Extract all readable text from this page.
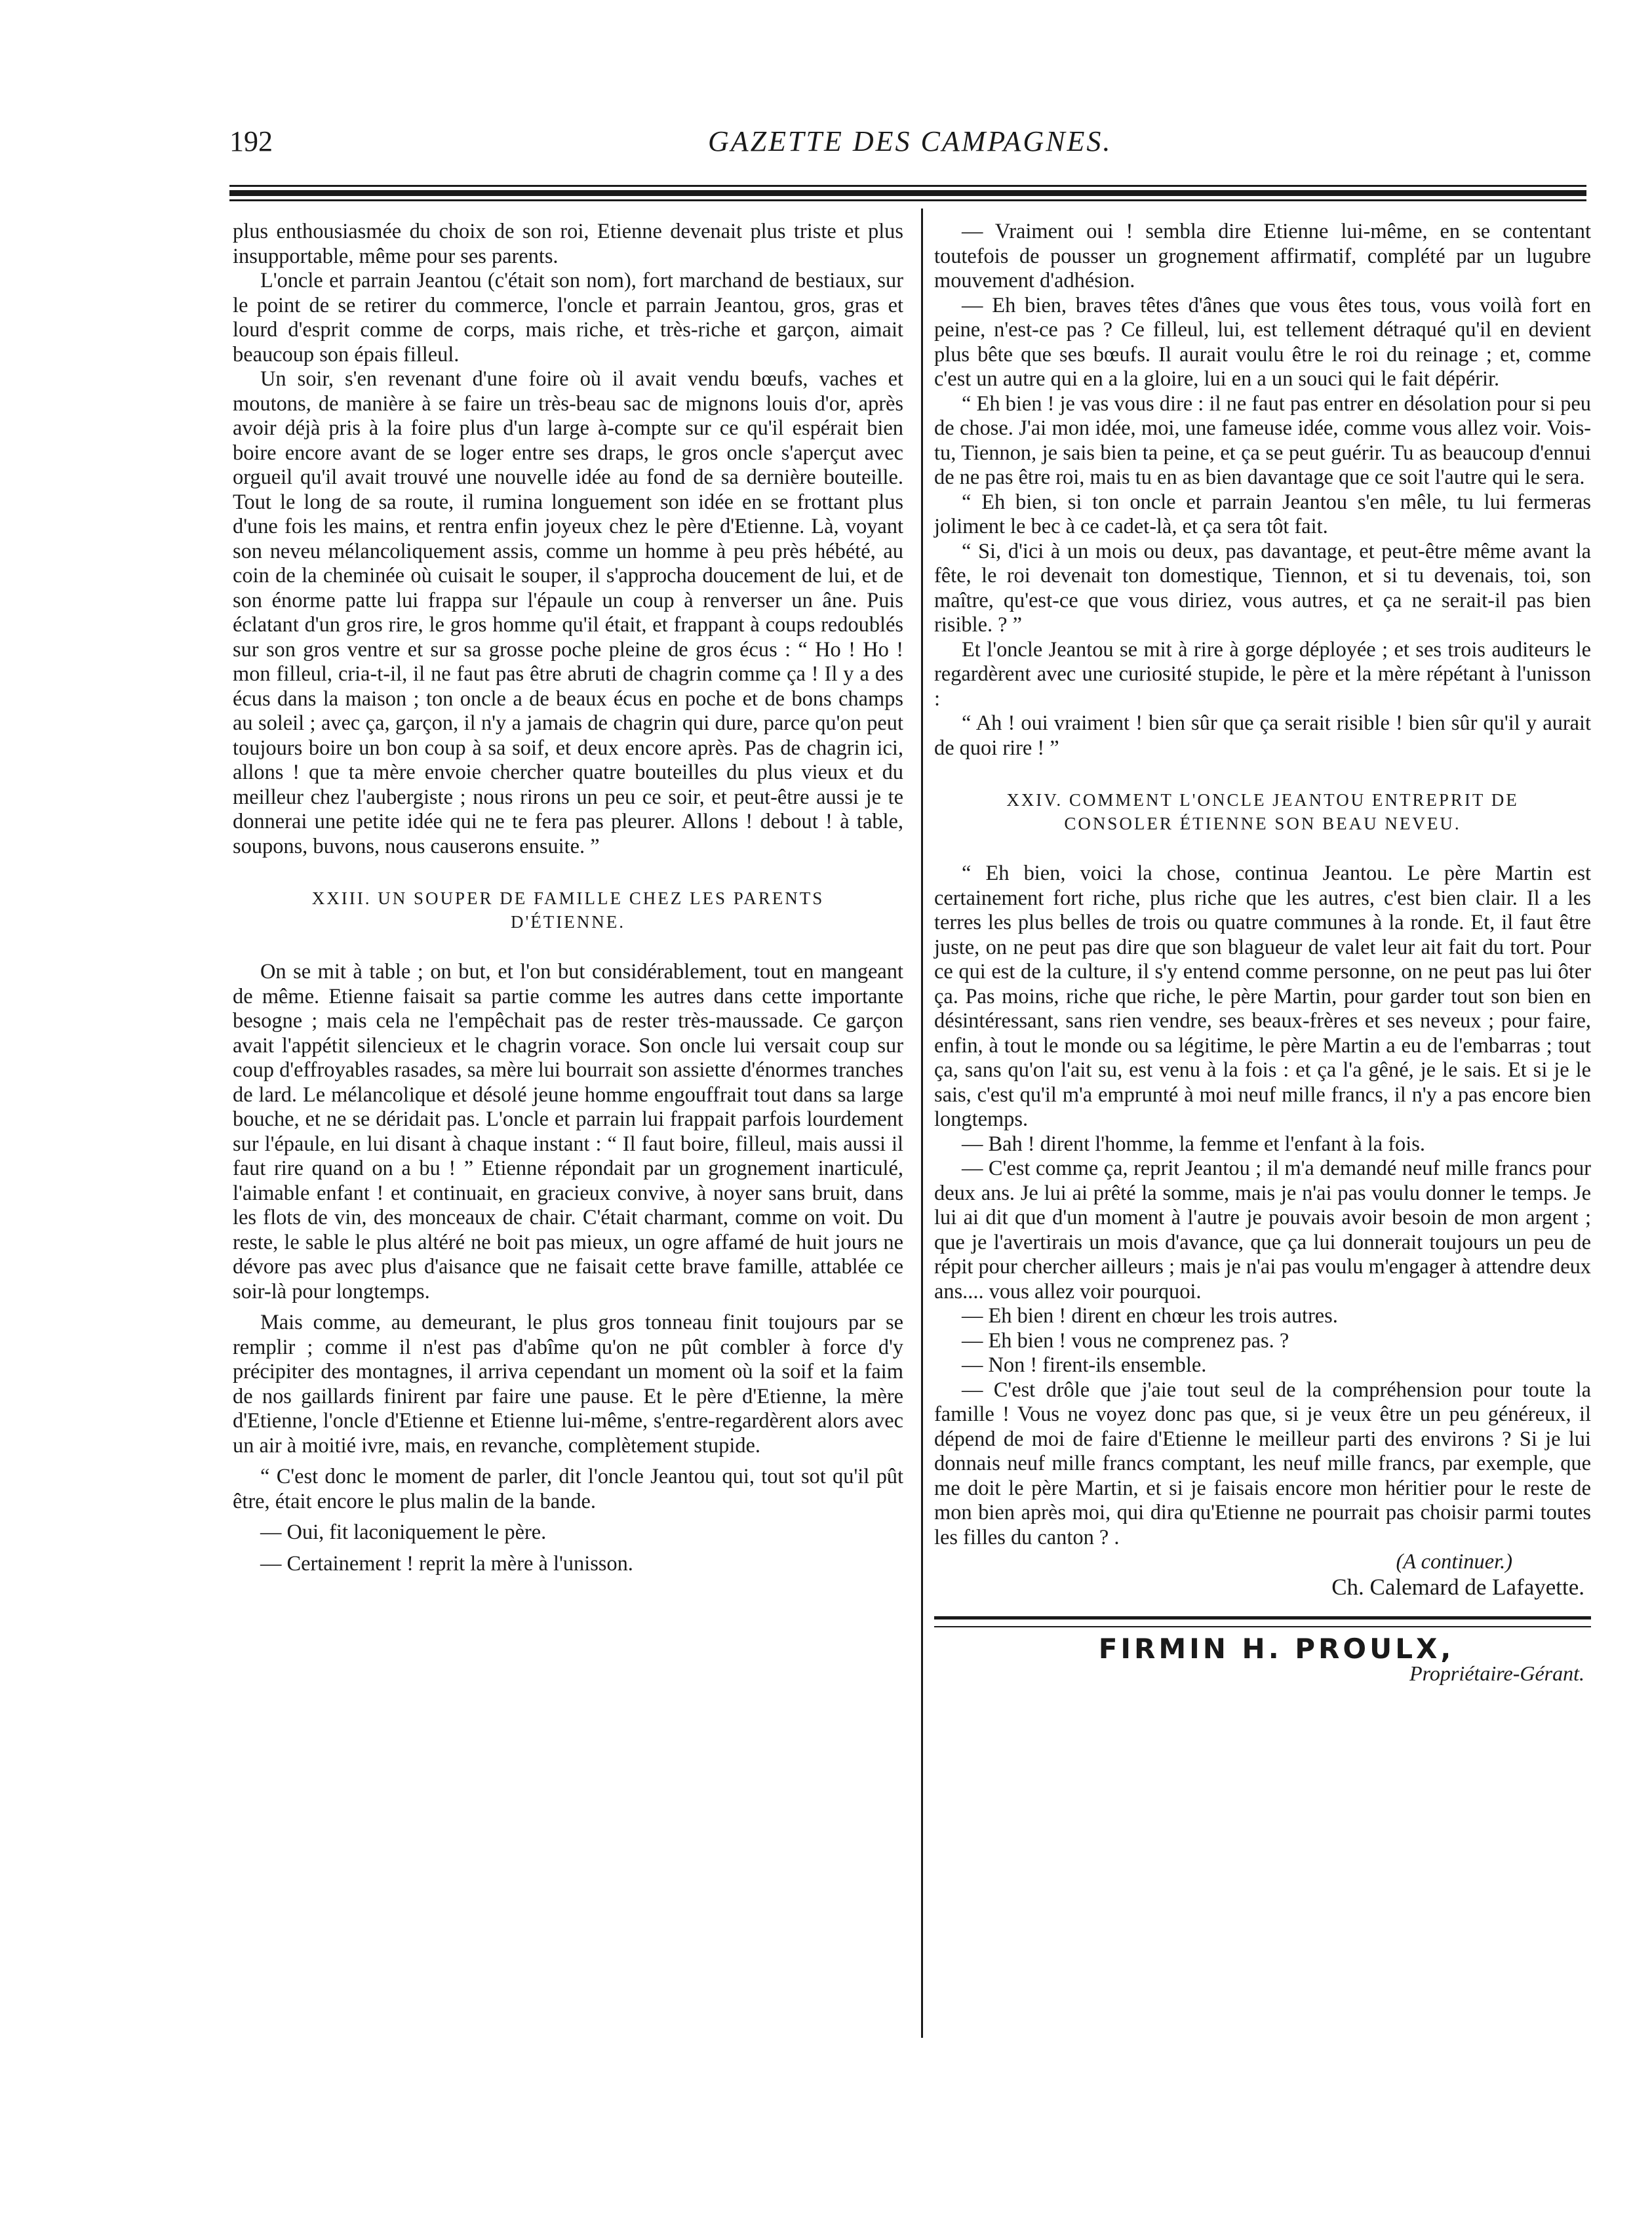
192	GAZETTE DES CAMPAGNES.

plus enthousiasmée du choix de son roi, Etienne devenait plus triste et plus insupportable, même pour ses parents.

L'oncle et parrain Jeantou (c'était son nom), fort marchand de bestiaux, sur le point de se retirer du commerce, l'oncle et parrain Jeantou, gros, gras et lourd d'esprit comme de corps, mais riche, et très-riche et garçon, aimait beaucoup son épais filleul.

Un soir, s'en revenant d'une foire où il avait vendu bœufs, vaches et moutons, de manière à se faire un très-beau sac de mignons louis d'or, après avoir déjà pris à la foire plus d'un large à-compte sur ce qu'il espérait bien boire encore avant de se loger entre ses draps, le gros oncle s'aperçut avec orgueil qu'il avait trouvé une nouvelle idée au fond de sa dernière bouteille. Tout le long de sa route, il rumina longuement son idée en se frottant plus d'une fois les mains, et rentra enfin joyeux chez le père d'Etienne. Là, voyant son neveu mélancoliquement assis, comme un homme à peu près hébété, au coin de la cheminée où cuisait le souper, il s'approcha doucement de lui, et de son énorme patte lui frappa sur l'épaule un coup à renverser un âne. Puis éclatant d'un gros rire, le gros homme qu'il était, et frappant à coups redoublés sur son gros ventre et sur sa grosse poche pleine de gros écus : “ Ho ! Ho ! mon filleul, cria-t-il, il ne faut pas être abruti de chagrin comme ça ! Il y a des écus dans la maison ; ton oncle a de beaux écus en poche et de bons champs au soleil ; avec ça, garçon, il n'y a jamais de chagrin qui dure, parce qu'on peut toujours boire un bon coup à sa soif, et deux encore après. Pas de chagrin ici, allons ! que ta mère envoie chercher quatre bouteilles du plus vieux et du meilleur chez l'aubergiste ; nous rirons un peu ce soir, et peut-être aussi je te donnerai une petite idée qui ne te fera pas pleurer. Allons ! debout ! à table, soupons, buvons, nous causerons ensuite. ”

XXIII. UN SOUPER DE FAMILLE CHEZ LES PARENTS
D'ÉTIENNE.

On se mit à table ; on but, et l'on but considérablement, tout en mangeant de même. Etienne faisait sa partie comme les autres dans cette importante besogne ; mais cela ne l'empêchait pas de rester très-maussade. Ce garçon avait l'appétit silencieux et le chagrin vorace. Son oncle lui versait coup sur coup d'effroyables rasades, sa mère lui bourrait son assiette d'énormes tranches de lard. Le mélancolique et désolé jeune homme engouffrait tout dans sa large bouche, et ne se déridait pas. L'oncle et parrain lui frappait parfois lourdement sur l'épaule, en lui disant à chaque instant : “ Il faut boire, filleul, mais aussi il faut rire quand on a bu ! ” Etienne répondait par un grognement inarticulé, l'aimable enfant ! et continuait, en gracieux convive, à noyer sans bruit, dans les flots de vin, des monceaux de chair. C'était charmant, comme on voit. Du reste, le sable le plus altéré ne boit pas mieux, un ogre affamé de huit jours ne dévore pas avec plus d'aisance que ne faisait cette brave famille, attablée ce soir-là pour longtemps.

Mais comme, au demeurant, le plus gros tonneau finit toujours par se remplir ; comme il n'est pas d'abîme qu'on ne pût combler à force d'y précipiter des montagnes, il arriva cependant un moment où la soif et la faim de nos gaillards finirent par faire une pause. Et le père d'Etienne, la mère d'Etienne, l'oncle d'Etienne et Etienne lui-même, s'entre-regardèrent alors avec un air à moitié ivre, mais, en revanche, complètement stupide.

“ C'est donc le moment de parler, dit l'oncle Jeantou qui, tout sot qu'il pût être, était encore le plus malin de la bande.

— Oui, fit laconiquement le père.

— Certainement ! reprit la mère à l'unisson.

— Vraiment oui ! sembla dire Etienne lui-même, en se contentant toutefois de pousser un grognement affirmatif, complété par un lugubre mouvement d'adhésion.

— Eh bien, braves têtes d'ânes que vous êtes tous, vous voilà fort en peine, n'est-ce pas ? Ce filleul, lui, est tellement détraqué qu'il en devient plus bête que ses bœufs. Il aurait voulu être le roi du reinage ; et, comme c'est un autre qui en a la gloire, lui en a un souci qui le fait dépérir.

“ Eh bien ! je vas vous dire : il ne faut pas entrer en désolation pour si peu de chose. J'ai mon idée, moi, une fameuse idée, comme vous allez voir. Vois-tu, Tiennon, je sais bien ta peine, et ça se peut guérir. Tu as beaucoup d'ennui de ne pas être roi, mais tu en as bien davantage que ce soit l'autre qui le sera.

“ Eh bien, si ton oncle et parrain Jeantou s'en mêle, tu lui fermeras joliment le bec à ce cadet-là, et ça sera tôt fait.

“ Si, d'ici à un mois ou deux, pas davantage, et peut-être même avant la fête, le roi devenait ton domestique, Tiennon, et si tu devenais, toi, son maître, qu'est-ce que vous diriez, vous autres, et ça ne serait-il pas bien risible. ? ”

Et l'oncle Jeantou se mit à rire à gorge déployée ; et ses trois auditeurs le regardèrent avec une curiosité stupide, le père et la mère répétant à l'unisson :

“ Ah ! oui vraiment ! bien sûr que ça serait risible ! bien sûr qu'il y aurait de quoi rire ! ”

XXIV. COMMENT L'ONCLE JEANTOU ENTREPRIT DE
CONSOLER ÉTIENNE SON BEAU NEVEU.

“ Eh bien, voici la chose, continua Jeantou. Le père Martin est certainement fort riche, plus riche que les autres, c'est bien clair. Il a les terres les plus belles de trois ou quatre communes à la ronde. Et, il faut être juste, on ne peut pas dire que son blagueur de valet leur ait fait du tort. Pour ce qui est de la culture, il s'y entend comme personne, on ne peut pas lui ôter ça. Pas moins, riche que riche, le père Martin, pour garder tout son bien en désintéressant, sans rien vendre, ses beaux-frères et ses neveux ; pour faire, enfin, à tout le monde ou sa légitime, le père Martin a eu de l'embarras ; tout ça, sans qu'on l'ait su, est venu à la fois : et ça l'a gêné, je le sais. Et si je le sais, c'est qu'il m'a emprunté à moi neuf mille francs, il n'y a pas encore bien longtemps.

— Bah ! dirent l'homme, la femme et l'enfant à la fois.

— C'est comme ça, reprit Jeantou ; il m'a demandé neuf mille francs pour deux ans. Je lui ai prêté la somme, mais je n'ai pas voulu donner le temps. Je lui ai dit que d'un moment à l'autre je pouvais avoir besoin de mon argent ; que je l'avertirais un mois d'avance, que ça lui donnerait toujours un peu de répit pour chercher ailleurs ; mais je n'ai pas voulu m'engager à attendre deux ans.... vous allez voir pourquoi.

— Eh bien ! dirent en chœur les trois autres.

— Eh bien ! vous ne comprenez pas. ?

— Non ! firent-ils ensemble.

— C'est drôle que j'aie tout seul de la compréhension pour toute la famille ! Vous ne voyez donc pas que, si je veux être un peu généreux, il dépend de moi de faire d'Etienne le meilleur parti des environs ? Si je lui donnais neuf mille francs comptant, les neuf mille francs, par exemple, que me doit le père Martin, et si je faisais encore mon héritier pour le reste de mon bien après moi, qui dira qu'Etienne ne pourrait pas choisir parmi toutes les filles du canton ? .

(A continuer.)

Ch. Calemard de Lafayette.

FIRMIN H. PROULX,

Propriétaire-Gérant.
